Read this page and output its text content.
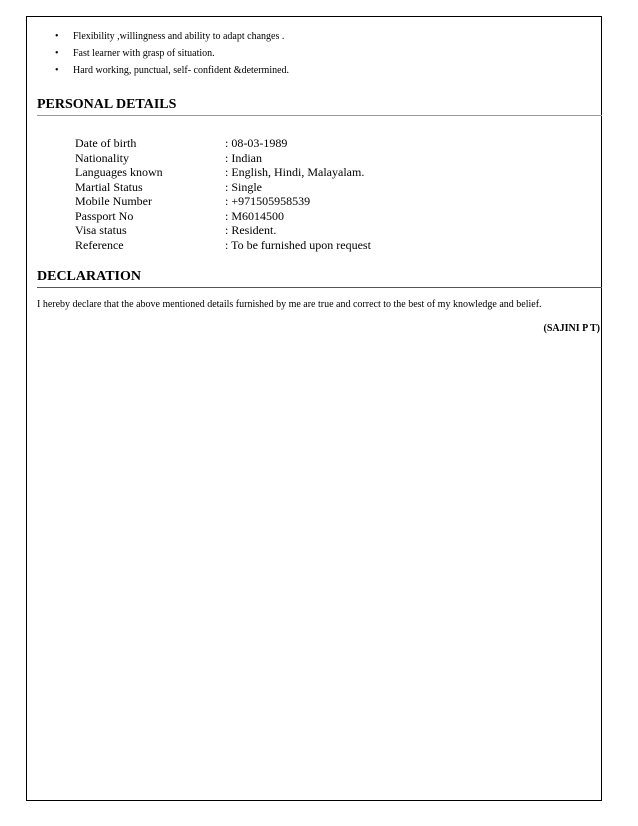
• Flexibility ,willingness and ability to adapt changes .
• Fast learner with grasp of situation.
• Hard working, punctual, self- confident &determined.
PERSONAL DETAILS
Date of birth	: 08-03-1989
Nationality	: Indian
Languages known	: English, Hindi, Malayalam.
Martial Status	: Single
Mobile Number	: +971505958539
Passport No	: M6014500
Visa status	: Resident.
Reference	: To be furnished upon request
DECLARATION

I hereby declare that the above mentioned details furnished by me are true and correct to the best of my knowledge and belief.

(SAJINI P T)
